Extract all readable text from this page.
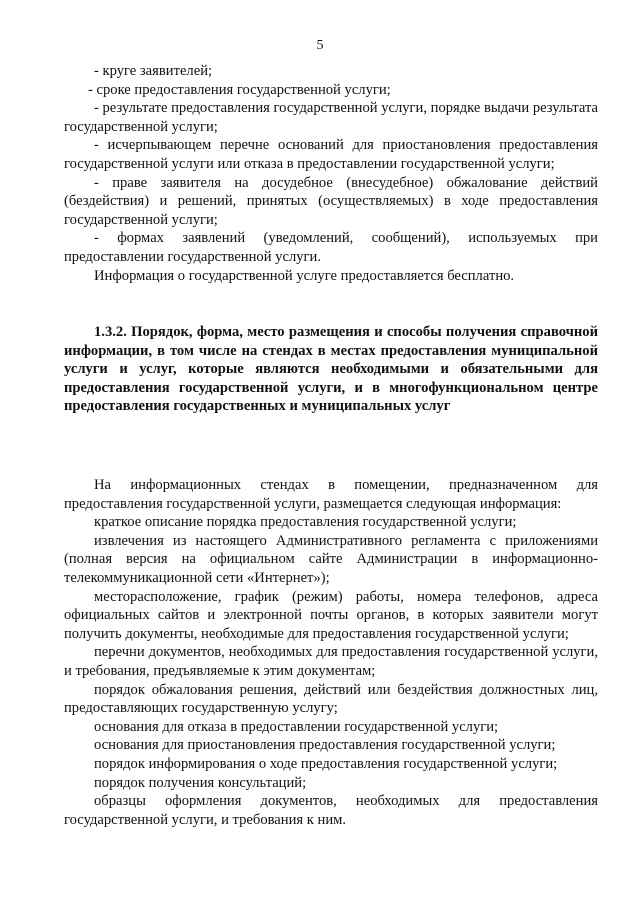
5

- круге заявителей;

- сроке предоставления государственной услуги;

- результате предоставления государственной услуги, порядке выдачи результата государственной услуги;

- исчерпывающем перечне оснований для приостановления предоставления государственной услуги или отказа в предоставлении государственной услуги;

- праве заявителя на досудебное (внесудебное) обжалование действий (бездействия) и решений, принятых (осуществляемых) в ходе предоставления государственной услуги;

- формах заявлений (уведомлений, сообщений), используемых при предоставлении государственной услуги.

Информация о государственной услуге предоставляется бесплатно.

1.3.2. Порядок, форма, место размещения и способы получения справочной информации, в том числе на стендах в местах предоставления муниципальной услуги и услуг, которые являются необходимыми и обязательными для предоставления государственной услуги, и в многофункциональном центре предоставления государственных и муниципальных услуг

На информационных стендах в помещении, предназначенном для предоставления государственной услуги, размещается следующая информация:

краткое описание порядка предоставления государственной услуги;

извлечения из настоящего Административного регламента с приложениями (полная версия на официальном сайте Администрации в информационно-телекоммуникационной сети «Интернет»);

месторасположение, график (режим) работы, номера телефонов, адреса официальных сайтов и электронной почты органов, в которых заявители могут получить документы, необходимые для предоставления государственной услуги;

перечни документов, необходимых для предоставления государственной услуги, и требования, предъявляемые к этим документам;

порядок обжалования решения, действий или бездействия должностных лиц, предоставляющих государственную услугу;

основания для отказа в предоставлении государственной услуги;

основания для приостановления предоставления государственной услуги;

порядок информирования о ходе предоставления государственной услуги;

порядок получения консультаций;

образцы оформления документов, необходимых для предоставления государственной услуги, и требования к ним.
